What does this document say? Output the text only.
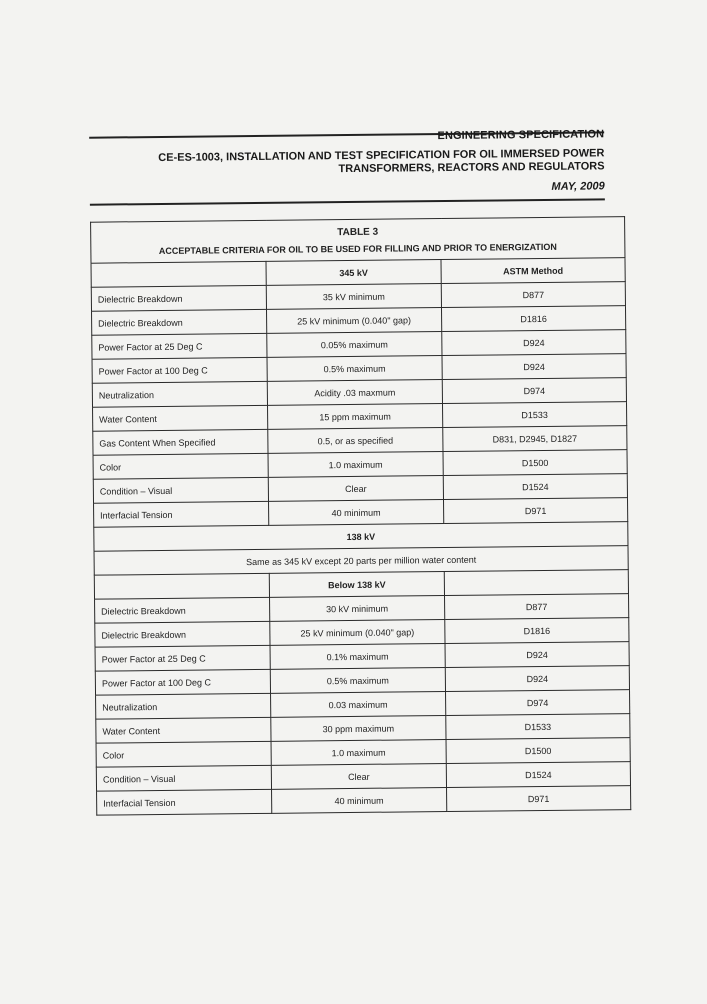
ENGINEERING SPECIFICATION
CE-ES-1003, INSTALLATION AND TEST SPECIFICATION FOR OIL IMMERSED POWER
TRANSFORMERS, REACTORS AND REGULATORS
MAY, 2009
TABLE 3
ACCEPTABLE CRITERIA FOR OIL TO BE USED FOR FILLING AND PRIOR TO ENERGIZATION		

	345 kV	ASTM Method
Dielectric Breakdown	35 kV minimum	D877
Dielectric Breakdown	25 kV minimum (0.040" gap)	D1816
Power Factor at 25 Deg C	0.05% maximum	D924
Power Factor at 100 Deg C	0.5% maximum	D924
Neutralization	Acidity .03 maxmum	D974
Water Content	15 ppm maximum	D1533
Gas Content When Specified	0.5, or as specified	D831, D2945, D1827
Color	1.0 maximum	D1500
Condition – Visual	Clear	D1524
Interfacial Tension	40 minimum	D971
138 kV		
Same as 345 kV except 20 parts per million water content		
	Below 138 kV	
Dielectric Breakdown	30 kV minimum	D877
Dielectric Breakdown	25 kV minimum (0.040" gap)	D1816
Power Factor at 25 Deg C	0.1% maximum	D924
Power Factor at 100 Deg C	0.5% maximum	D924
Neutralization	0.03 maximum	D974
Water Content	30 ppm maximum	D1533
Color	1.0 maximum	D1500
Condition – Visual	Clear	D1524
Interfacial Tension	40 minimum	D971
